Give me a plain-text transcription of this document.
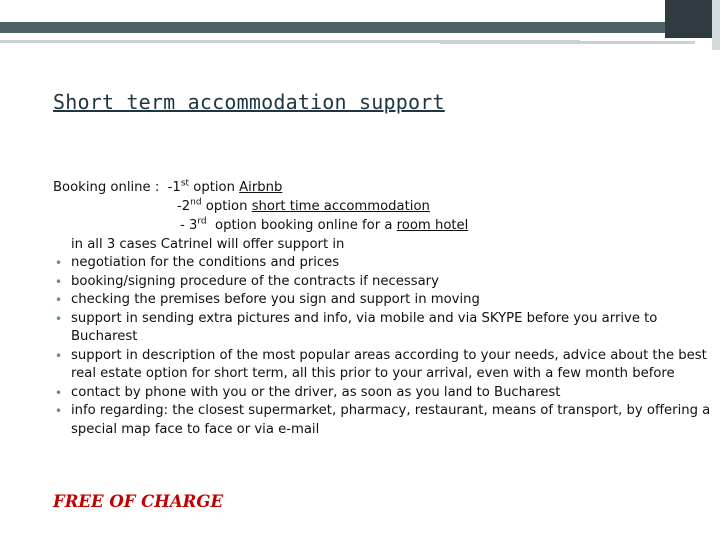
Short term accommodation support
Booking online : -1st option Airbnb
-2nd option short time accommodation
- 3rd option booking online for a room hotel
in all 3 cases Catrinel will offer support in
• negotiation for the conditions and prices
• booking/signing procedure of the contracts if necessary
• checking the premises before you sign and support in moving
• support in sending extra pictures and info, via mobile and via SKYPE before you arrive to Bucharest
• support in description of the most popular areas according to your needs, advice about the best real estate option for short term, all this prior to your arrival, even with a few month before
• contact by phone with you or the driver, as soon as you land to Bucharest
• info regarding: the closest supermarket, pharmacy, restaurant, means of transport, by offering a special map face to face or via e-mail
FREE OF CHARGE
